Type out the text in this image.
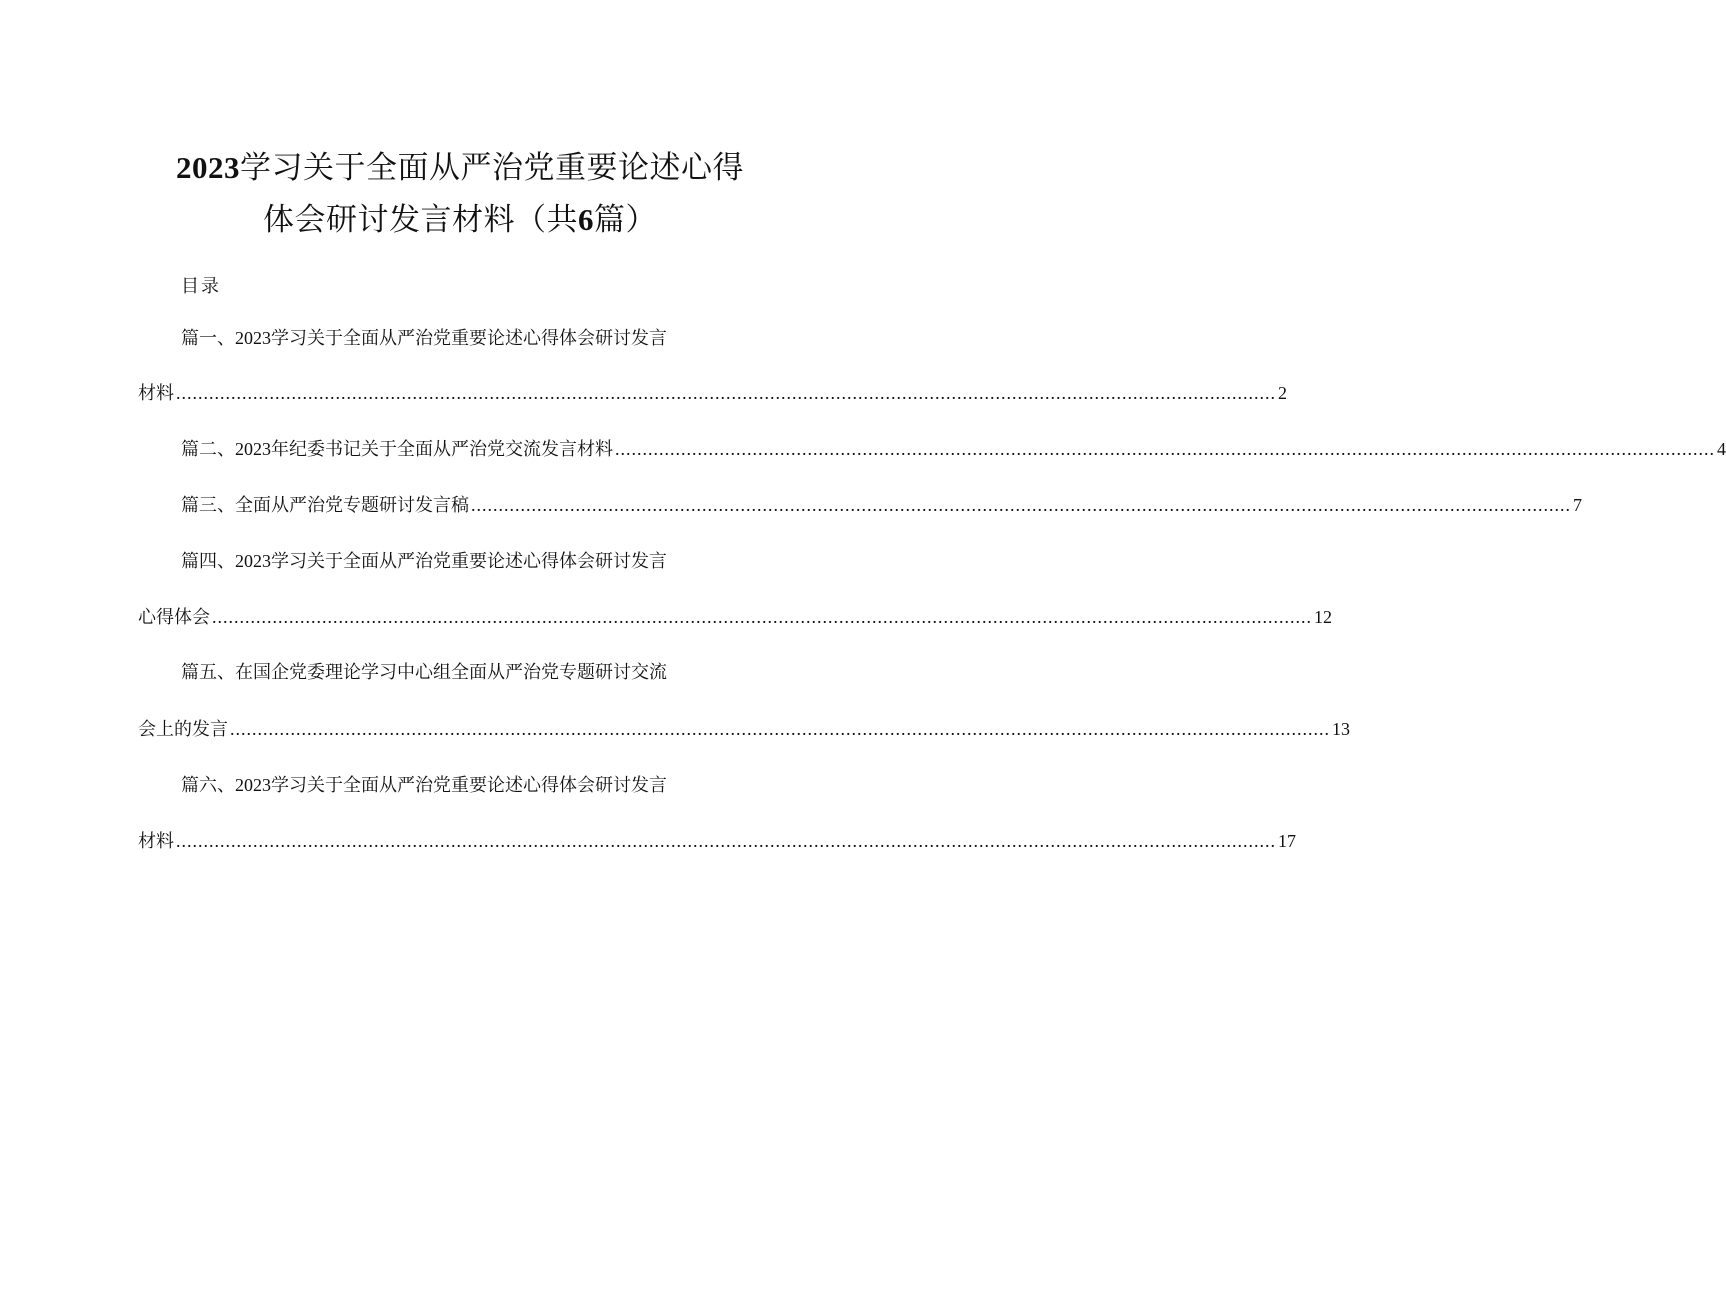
2023学习关于全面从严治党重要论述心得
体会研讨发言材料（共6篇）
目录
篇一、2023学习关于全面从严治党重要论述心得体会研讨发言
材料 ........................................................................................................................................................................................................ 2
篇二、 2023 年纪委书记关于全面从严治党交流发言材料 ........................................................................................................................................................................................................ 4
篇三、 全面从严治党专题研讨发言稿 ........................................................................................................................................................................................................ 7
篇四、2023学习关于全面从严治党重要论述心得体会研讨发言
心得体会 ........................................................................................................................................................................................................ 12
篇五、在国企党委理论学习中心组全面从严治党专题研讨交流
会上的发言 ........................................................................................................................................................................................................ 13
篇六、2023学习关于全面从严治党重要论述心得体会研讨发言
材料 ........................................................................................................................................................................................................ 17
